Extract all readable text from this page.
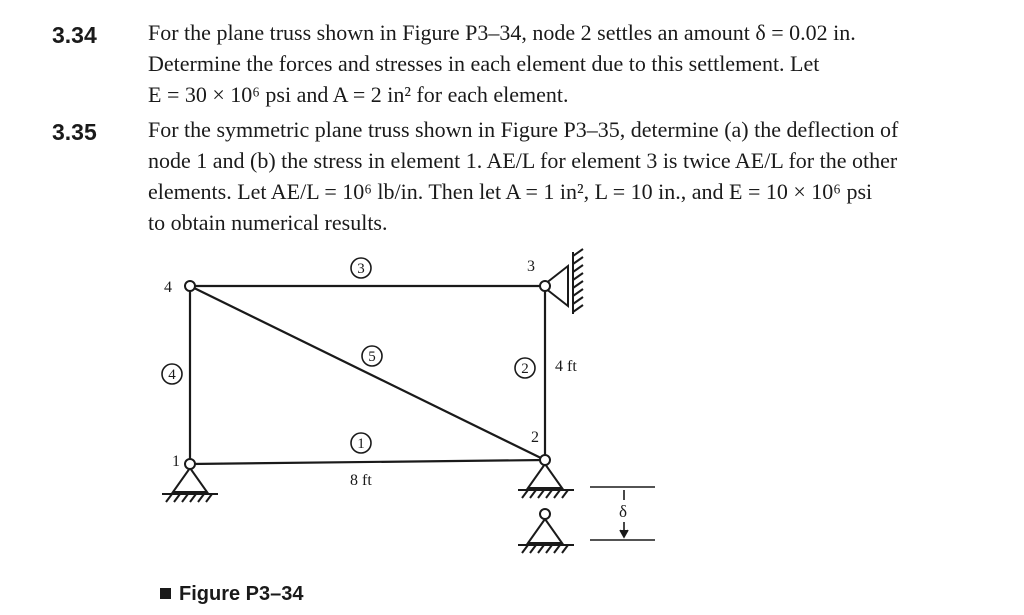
3.34 For the plane truss shown in Figure P3–34, node 2 settles an amount δ = 0.02 in.
Determine the forces and stresses in each element due to this settlement. Let
E = 30 × 10⁶ psi and A = 2 in² for each element.
3.35 For the symmetric plane truss shown in Figure P3–35, determine (a) the deflection of
node 1 and (b) the stress in element 1. AE/L for element 3 is twice AE/L for the other
elements. Let AE/L = 10⁶ lb/in. Then let A = 1 in², L = 10 in., and E = 10 × 10⁶ psi
to obtain numerical results.
δ
4
3
1
2
3
5
2
4
1
8 ft
4 ft
Figure P3–34
